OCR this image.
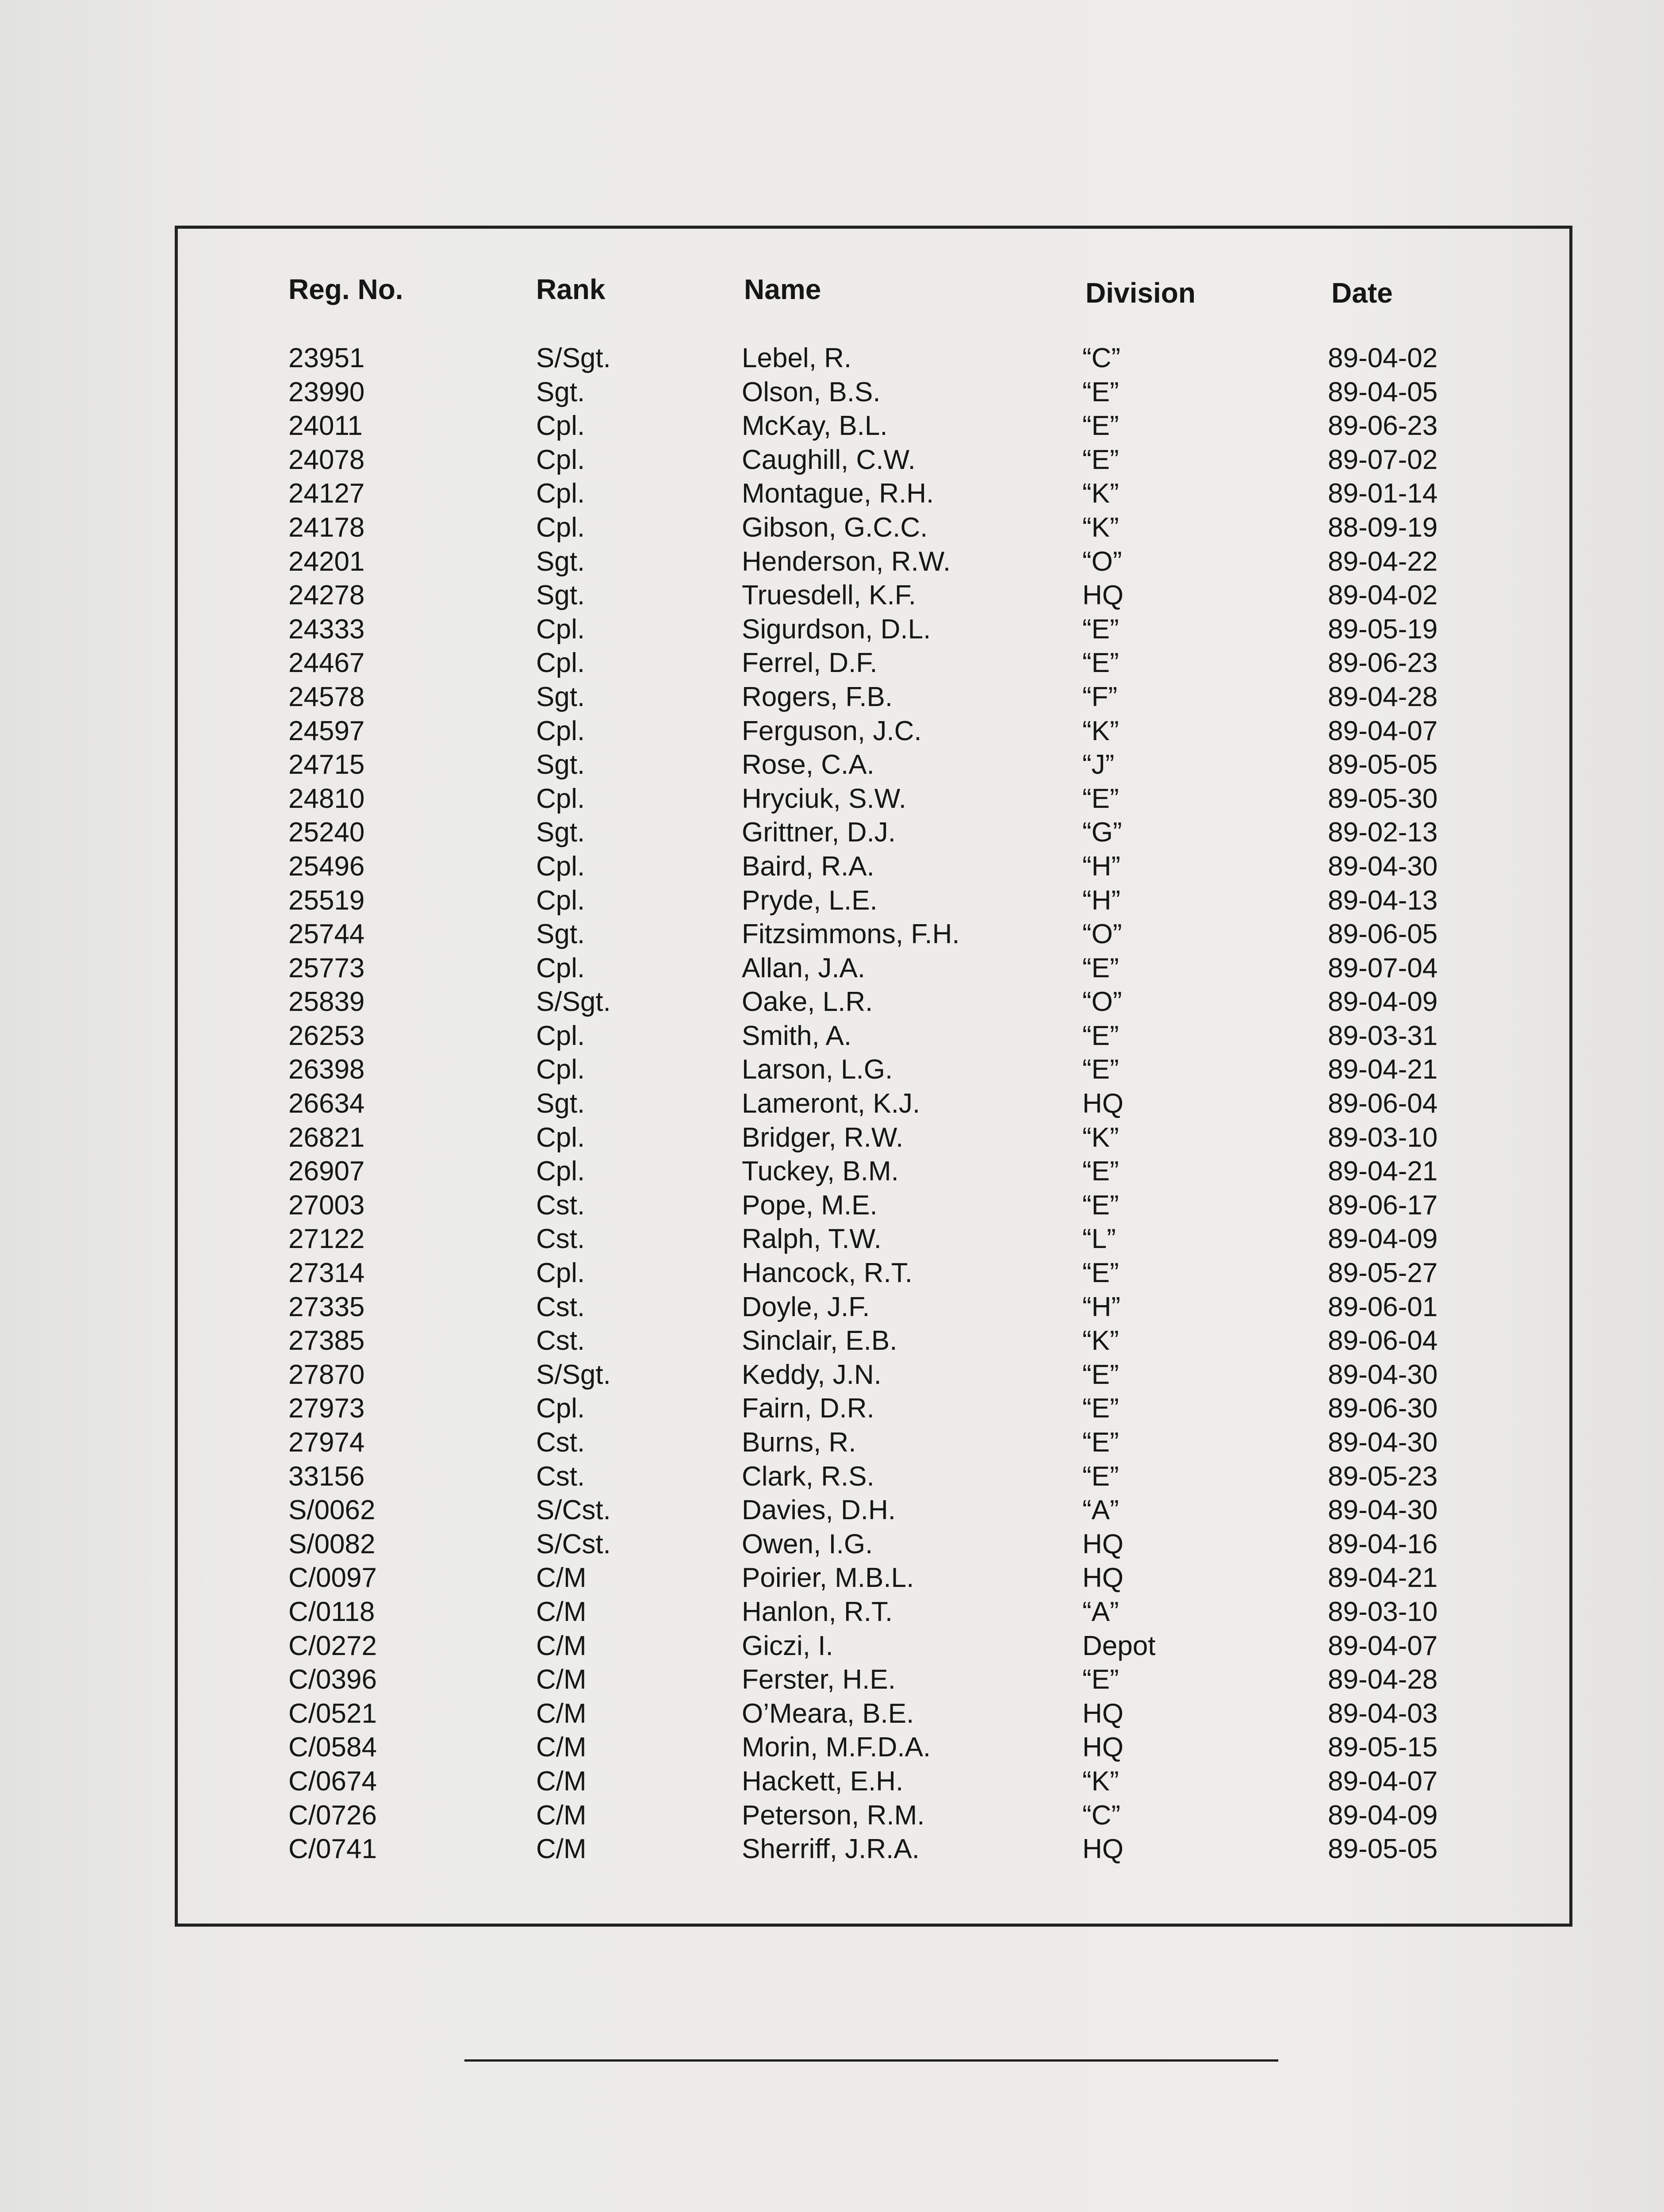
Reg. No.	Rank	Name	Division	Date
23951	S/Sgt.	Lebel, R.	“C”	89-04-02
23990	Sgt.	Olson, B.S.	“E”	89-04-05
24011	Cpl.	McKay, B.L.	“E”	89-06-23
24078	Cpl.	Caughill, C.W.	“E”	89-07-02
24127	Cpl.	Montague, R.H.	“K”	89-01-14
24178	Cpl.	Gibson, G.C.C.	“K”	88-09-19
24201	Sgt.	Henderson, R.W.	“O”	89-04-22
24278	Sgt.	Truesdell, K.F.	HQ	89-04-02
24333	Cpl.	Sigurdson, D.L.	“E”	89-05-19
24467	Cpl.	Ferrel, D.F.	“E”	89-06-23
24578	Sgt.	Rogers, F.B.	“F”	89-04-28
24597	Cpl.	Ferguson, J.C.	“K”	89-04-07
24715	Sgt.	Rose, C.A.	“J”	89-05-05
24810	Cpl.	Hryciuk, S.W.	“E”	89-05-30
25240	Sgt.	Grittner, D.J.	“G”	89-02-13
25496	Cpl.	Baird, R.A.	“H”	89-04-30
25519	Cpl.	Pryde, L.E.	“H”	89-04-13
25744	Sgt.	Fitzsimmons, F.H.	“O”	89-06-05
25773	Cpl.	Allan, J.A.	“E”	89-07-04
25839	S/Sgt.	Oake, L.R.	“O”	89-04-09
26253	Cpl.	Smith, A.	“E”	89-03-31
26398	Cpl.	Larson, L.G.	“E”	89-04-21
26634	Sgt.	Lameront, K.J.	HQ	89-06-04
26821	Cpl.	Bridger, R.W.	“K”	89-03-10
26907	Cpl.	Tuckey, B.M.	“E”	89-04-21
27003	Cst.	Pope, M.E.	“E”	89-06-17
27122	Cst.	Ralph, T.W.	“L”	89-04-09
27314	Cpl.	Hancock, R.T.	“E”	89-05-27
27335	Cst.	Doyle, J.F.	“H”	89-06-01
27385	Cst.	Sinclair, E.B.	“K”	89-06-04
27870	S/Sgt.	Keddy, J.N.	“E”	89-04-30
27973	Cpl.	Fairn, D.R.	“E”	89-06-30
27974	Cst.	Burns, R.	“E”	89-04-30
33156	Cst.	Clark, R.S.	“E”	89-05-23
S/0062	S/Cst.	Davies, D.H.	“A”	89-04-30
S/0082	S/Cst.	Owen, I.G.	HQ	89-04-16
C/0097	C/M	Poirier, M.B.L.	HQ	89-04-21
C/0118	C/M	Hanlon, R.T.	“A”	89-03-10
C/0272	C/M	Giczi, I.	Depot	89-04-07
C/0396	C/M	Ferster, H.E.	“E”	89-04-28
C/0521	C/M	O’Meara, B.E.	HQ	89-04-03
C/0584	C/M	Morin, M.F.D.A.	HQ	89-05-15
C/0674	C/M	Hackett, E.H.	“K”	89-04-07
C/0726	C/M	Peterson, R.M.	“C”	89-04-09
C/0741	C/M	Sherriff, J.R.A.	HQ	89-05-05
